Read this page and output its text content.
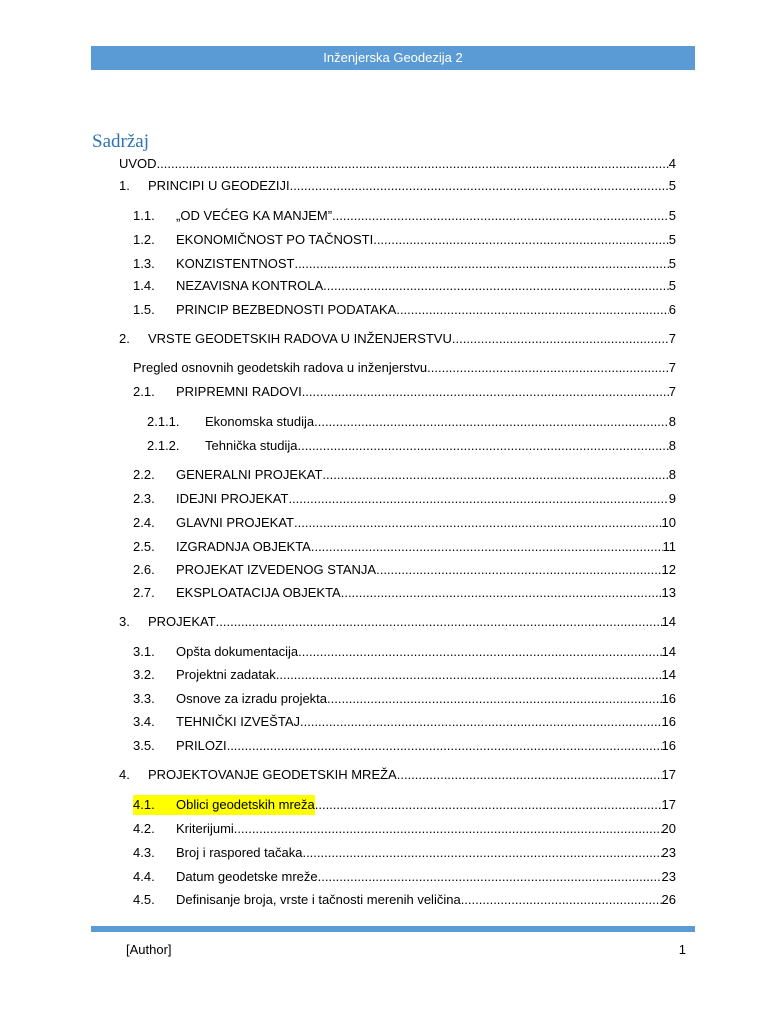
Inženjerska Geodezija 2
Sadržaj
UVOD .....	4
1.	PRINCIPI U GEODEZIJI .....	5
1.1.	„OD VEĆEG KA MANJEM” .....	5
1.2.	EKONOMIČNOST PO TAČNOSTI .....	5
1.3.	KONZISTENTNOST .....	5
1.4.	NEZAVISNA KONTROLA .....	5
1.5.	PRINCIP BEZBEDNOSTI PODATAKA .....	6
2.	VRSTE GEODETSKIH RADOVA U INŽENJERSTVU .....	7
Pregled osnovnih geodetskih radova u inženjerstvu .....	7
2.1.	PRIPREMNI RADOVI .....	7
2.1.1.	Ekonomska studija .....	8
2.1.2.	Tehnička studija .....	8
2.2.	GENERALNI PROJEKAT .....	8
2.3.	IDEJNI PROJEKAT .....	9
2.4.	GLAVNI PROJEKAT .....	10
2.5.	IZGRADNJA OBJEKTA .....	11
2.6.	PROJEKAT IZVEDENOG STANJA .....	12
2.7.	EKSPLOATACIJA OBJEKTA .....	13
3.	PROJEKAT .....	14
3.1.	Opšta dokumentacija .....	14
3.2.	Projektni zadatak .....	14
3.3.	Osnove za izradu projekta .....	16
3.4.	TEHNIČKI IZVEŠTAJ .....	16
3.5.	PRILOZI .....	16
4.	PROJEKTOVANJE GEODETSKIH MREŽA .....	17
4.1.	Oblici geodetskih mreža .....	17
4.2.	Kriterijumi .....	20
4.3.	Broj i raspored tačaka .....	23
4.4.	Datum geodetske mreže .....	23
4.5.	Definisanje broja, vrste i tačnosti merenih veličina .....	26
[Author]	1
